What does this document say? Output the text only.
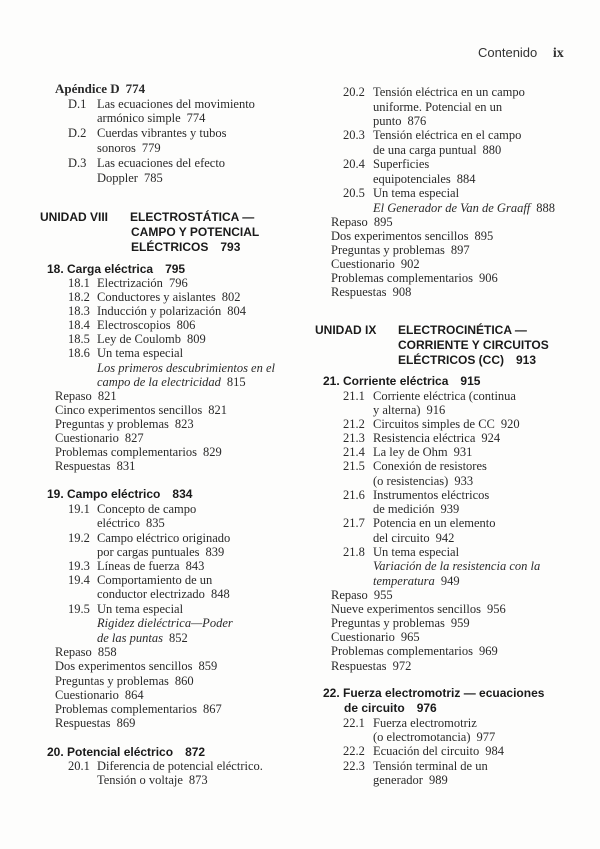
Contenido ix
Apéndice D 774
D.1 Las ecuaciones del movimiento
armónico simple 774
D.2 Cuerdas vibrantes y tubos
sonoros 779
D.3 Las ecuaciones del efecto
Doppler 785
UNIDAD VIII ELECTROSTÁTICA —
CAMPO Y POTENCIAL
ELÉCTRICOS 793
18. Carga eléctrica 795
18.1 Electrización 796
18.2 Conductores y aislantes 802
18.3 Inducción y polarización 804
18.4 Electroscopios 806
18.5 Ley de Coulomb 809
18.6 Un tema especial
Los primeros descubrimientos en el
campo de la electricidad 815
Repaso 821
Cinco experimentos sencillos 821
Preguntas y problemas 823
Cuestionario 827
Problemas complementarios 829
Respuestas 831
19. Campo eléctrico 834
19.1 Concepto de campo
eléctrico 835
19.2 Campo eléctrico originado
por cargas puntuales 839
19.3 Líneas de fuerza 843
19.4 Comportamiento de un
conductor electrizado 848
19.5 Un tema especial
Rigidez dieléctrica—Poder
de las puntas 852
Repaso 858
Dos experimentos sencillos 859
Preguntas y problemas 860
Cuestionario 864
Problemas complementarios 867
Respuestas 869
20. Potencial eléctrico 872
20.1 Diferencia de potencial eléctrico.
Tensión o voltaje 873
20.2 Tensión eléctrica en un campo
uniforme. Potencial en un
punto 876
20.3 Tensión eléctrica en el campo
de una carga puntual 880
20.4 Superficies
equipotenciales 884
20.5 Un tema especial
El Generador de Van de Graaff 888
Repaso 895
Dos experimentos sencillos 895
Preguntas y problemas 897
Cuestionario 902
Problemas complementarios 906
Respuestas 908
UNIDAD IX ELECTROCINÉTICA —
CORRIENTE Y CIRCUITOS
ELÉCTRICOS (CC) 913
21. Corriente eléctrica 915
21.1 Corriente eléctrica (continua
y alterna) 916
21.2 Circuitos simples de CC 920
21.3 Resistencia eléctrica 924
21.4 La ley de Ohm 931
21.5 Conexión de resistores
(o resistencias) 933
21.6 Instrumentos eléctricos
de medición 939
21.7 Potencia en un elemento
del circuito 942
21.8 Un tema especial
Variación de la resistencia con la
temperatura 949
Repaso 955
Nueve experimentos sencillos 956
Preguntas y problemas 959
Cuestionario 965
Problemas complementarios 969
Respuestas 972
22. Fuerza electromotriz — ecuaciones
de circuito 976
22.1 Fuerza electromotriz
(o electromotancia) 977
22.2 Ecuación del circuito 984
22.3 Tensión terminal de un
generador 989
